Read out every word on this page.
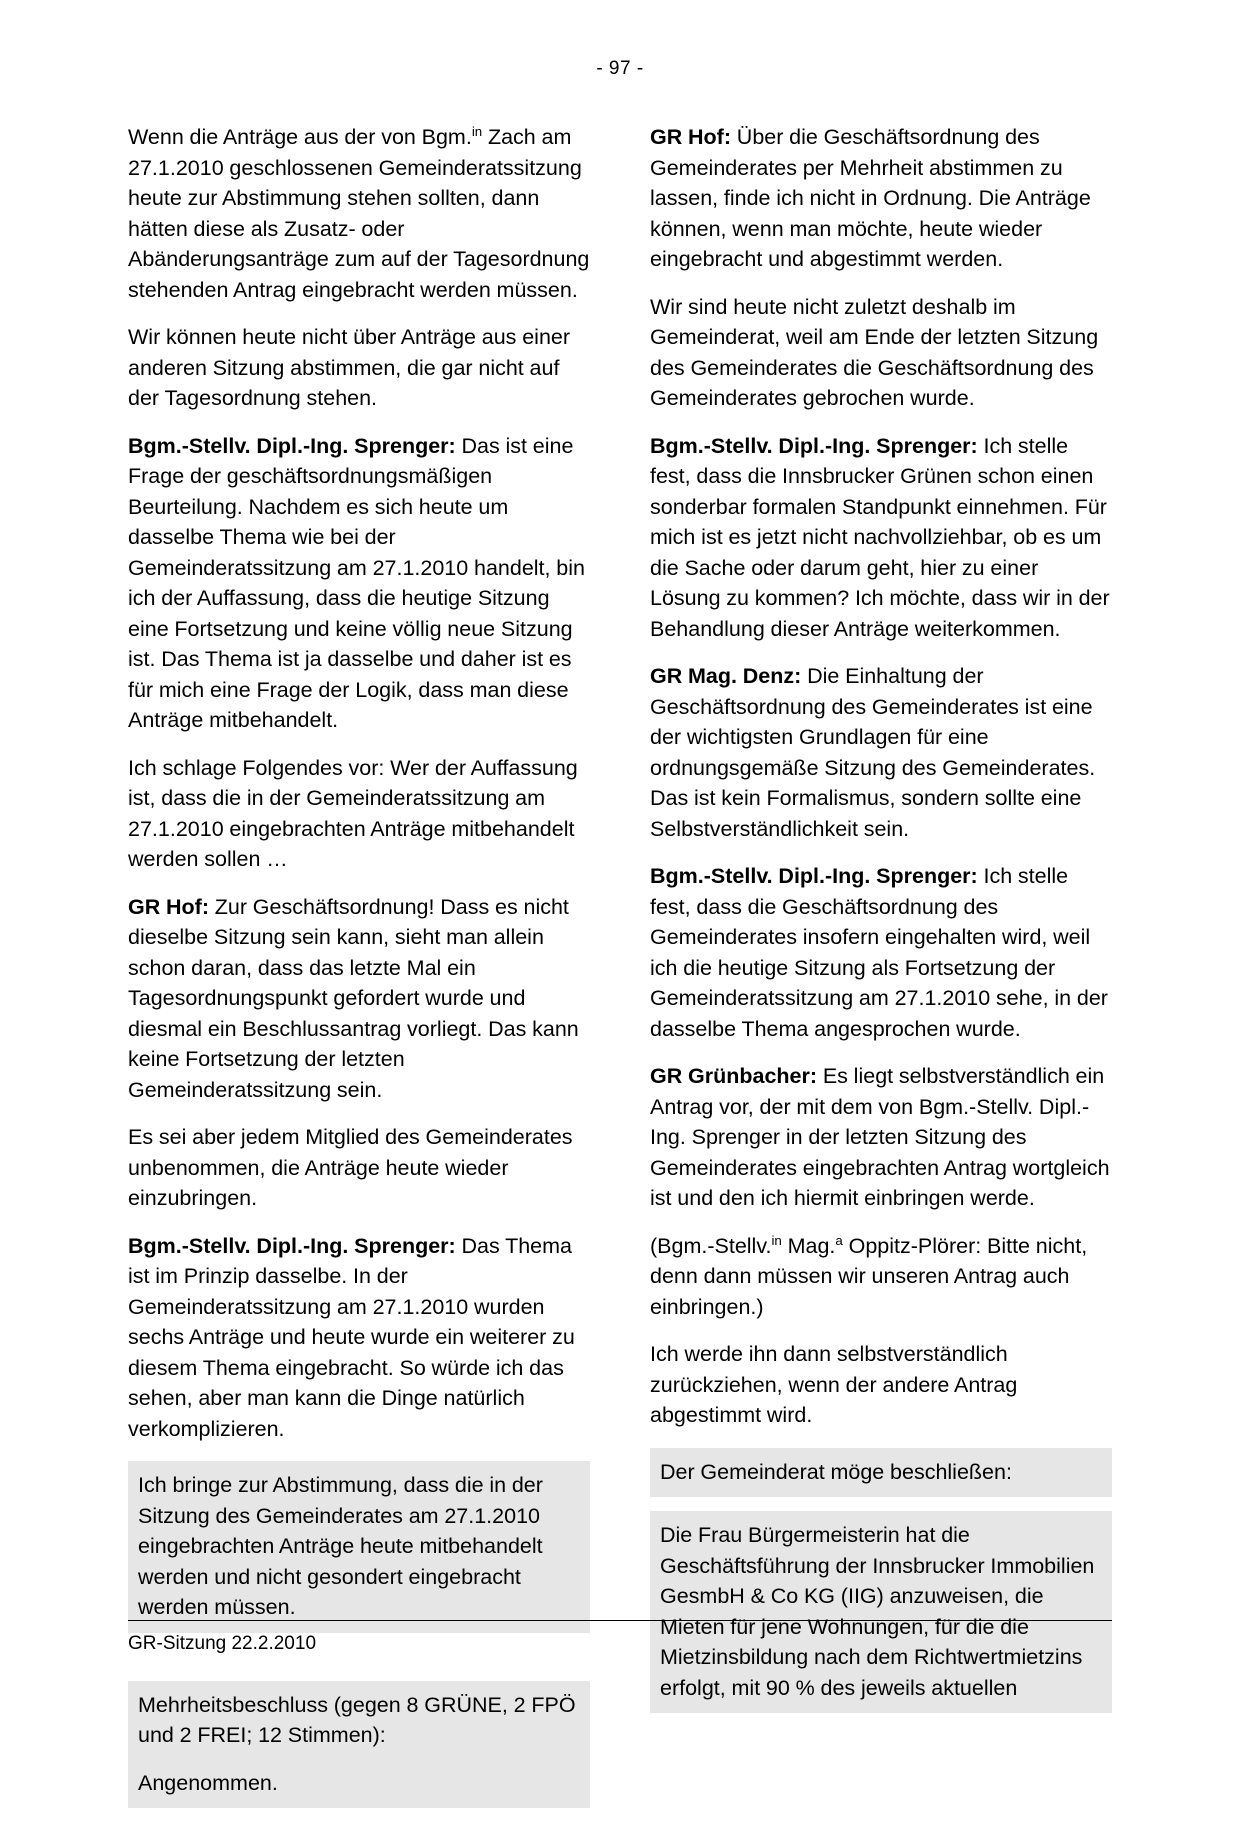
- 97 -

Wenn die Anträge aus der von Bgm.$^{in}$ Zach am 27.1.2010 geschlossenen Gemeinderatssitzung heute zur Abstimmung stehen sollten, dann hätten diese als Zusatz- oder Abänderungsanträge zum auf der Tagesordnung stehenden Antrag eingebracht werden müssen.

Wir können heute nicht über Anträge aus einer anderen Sitzung abstimmen, die gar nicht auf der Tagesordnung stehen.

Bgm.-Stellv. Dipl.-Ing. Sprenger: Das ist eine Frage der geschäftsordnungsmäßigen Beurteilung. Nachdem es sich heute um dasselbe Thema wie bei der Gemeinderatssitzung am 27.1.2010 handelt, bin ich der Auffassung, dass die heutige Sitzung eine Fortsetzung und keine völlig neue Sitzung ist. Das Thema ist ja dasselbe und daher ist es für mich eine Frage der Logik, dass man diese Anträge mitbehandelt.

Ich schlage Folgendes vor: Wer der Auffassung ist, dass die in der Gemeinderatssitzung am 27.1.2010 eingebrachten Anträge mitbehandelt werden sollen …

GR Hof: Zur Geschäftsordnung! Dass es nicht dieselbe Sitzung sein kann, sieht man allein schon daran, dass das letzte Mal ein Tagesordnungspunkt gefordert wurde und diesmal ein Beschlussantrag vorliegt. Das kann keine Fortsetzung der letzten Gemeinderatssitzung sein.

Es sei aber jedem Mitglied des Gemeinderates unbenommen, die Anträge heute wieder einzubringen.

Bgm.-Stellv. Dipl.-Ing. Sprenger: Das Thema ist im Prinzip dasselbe. In der Gemeinderatssitzung am 27.1.2010 wurden sechs Anträge und heute wurde ein weiterer zu diesem Thema eingebracht. So würde ich das sehen, aber man kann die Dinge natürlich verkomplizieren.

Ich bringe zur Abstimmung, dass die in der Sitzung des Gemeinderates am 27.1.2010 eingebrachten Anträge heute mitbehandelt werden und nicht gesondert eingebracht werden müssen.

Mehrheitsbeschluss (gegen 8 GRÜNE, 2 FPÖ und 2 FREI; 12 Stimmen):

Angenommen.

GR Hof: Über die Geschäftsordnung des Gemeinderates per Mehrheit abstimmen zu lassen, finde ich nicht in Ordnung. Die Anträge können, wenn man möchte, heute wieder eingebracht und abgestimmt werden.

Wir sind heute nicht zuletzt deshalb im Gemeinderat, weil am Ende der letzten Sitzung des Gemeinderates die Geschäftsordnung des Gemeinderates gebrochen wurde.

Bgm.-Stellv. Dipl.-Ing. Sprenger: Ich stelle fest, dass die Innsbrucker Grünen schon einen sonderbar formalen Standpunkt einnehmen. Für mich ist es jetzt nicht nachvollziehbar, ob es um die Sache oder darum geht, hier zu einer Lösung zu kommen? Ich möchte, dass wir in der Behandlung dieser Anträge weiterkommen.

GR Mag. Denz: Die Einhaltung der Geschäftsordnung des Gemeinderates ist eine der wichtigsten Grundlagen für eine ordnungsgemäße Sitzung des Gemeinderates. Das ist kein Formalismus, sondern sollte eine Selbstverständlichkeit sein.

Bgm.-Stellv. Dipl.-Ing. Sprenger: Ich stelle fest, dass die Geschäftsordnung des Gemeinderates insofern eingehalten wird, weil ich die heutige Sitzung als Fortsetzung der Gemeinderatssitzung am 27.1.2010 sehe, in der dasselbe Thema angesprochen wurde.

GR Grünbacher: Es liegt selbstverständlich ein Antrag vor, der mit dem von Bgm.-Stellv. Dipl.-Ing. Sprenger in der letzten Sitzung des Gemeinderates eingebrachten Antrag wortgleich ist und den ich hiermit einbringen werde.

(Bgm.-Stellv.$^{in}$ Mag.$^a$ Oppitz-Plörer: Bitte nicht, denn dann müssen wir unseren Antrag auch einbringen.)

Ich werde ihn dann selbstverständlich zurückziehen, wenn der andere Antrag abgestimmt wird.

Der Gemeinderat möge beschließen:

Die Frau Bürgermeisterin hat die Geschäftsführung der Innsbrucker Immobilien GesmbH & Co KG (IIG) anzuweisen, die Mieten für jene Wohnungen, für die die Mietzinsbildung nach dem Richtwertmietzins erfolgt, mit 90 % des jeweils aktuellen

GR-Sitzung 22.2.2010
